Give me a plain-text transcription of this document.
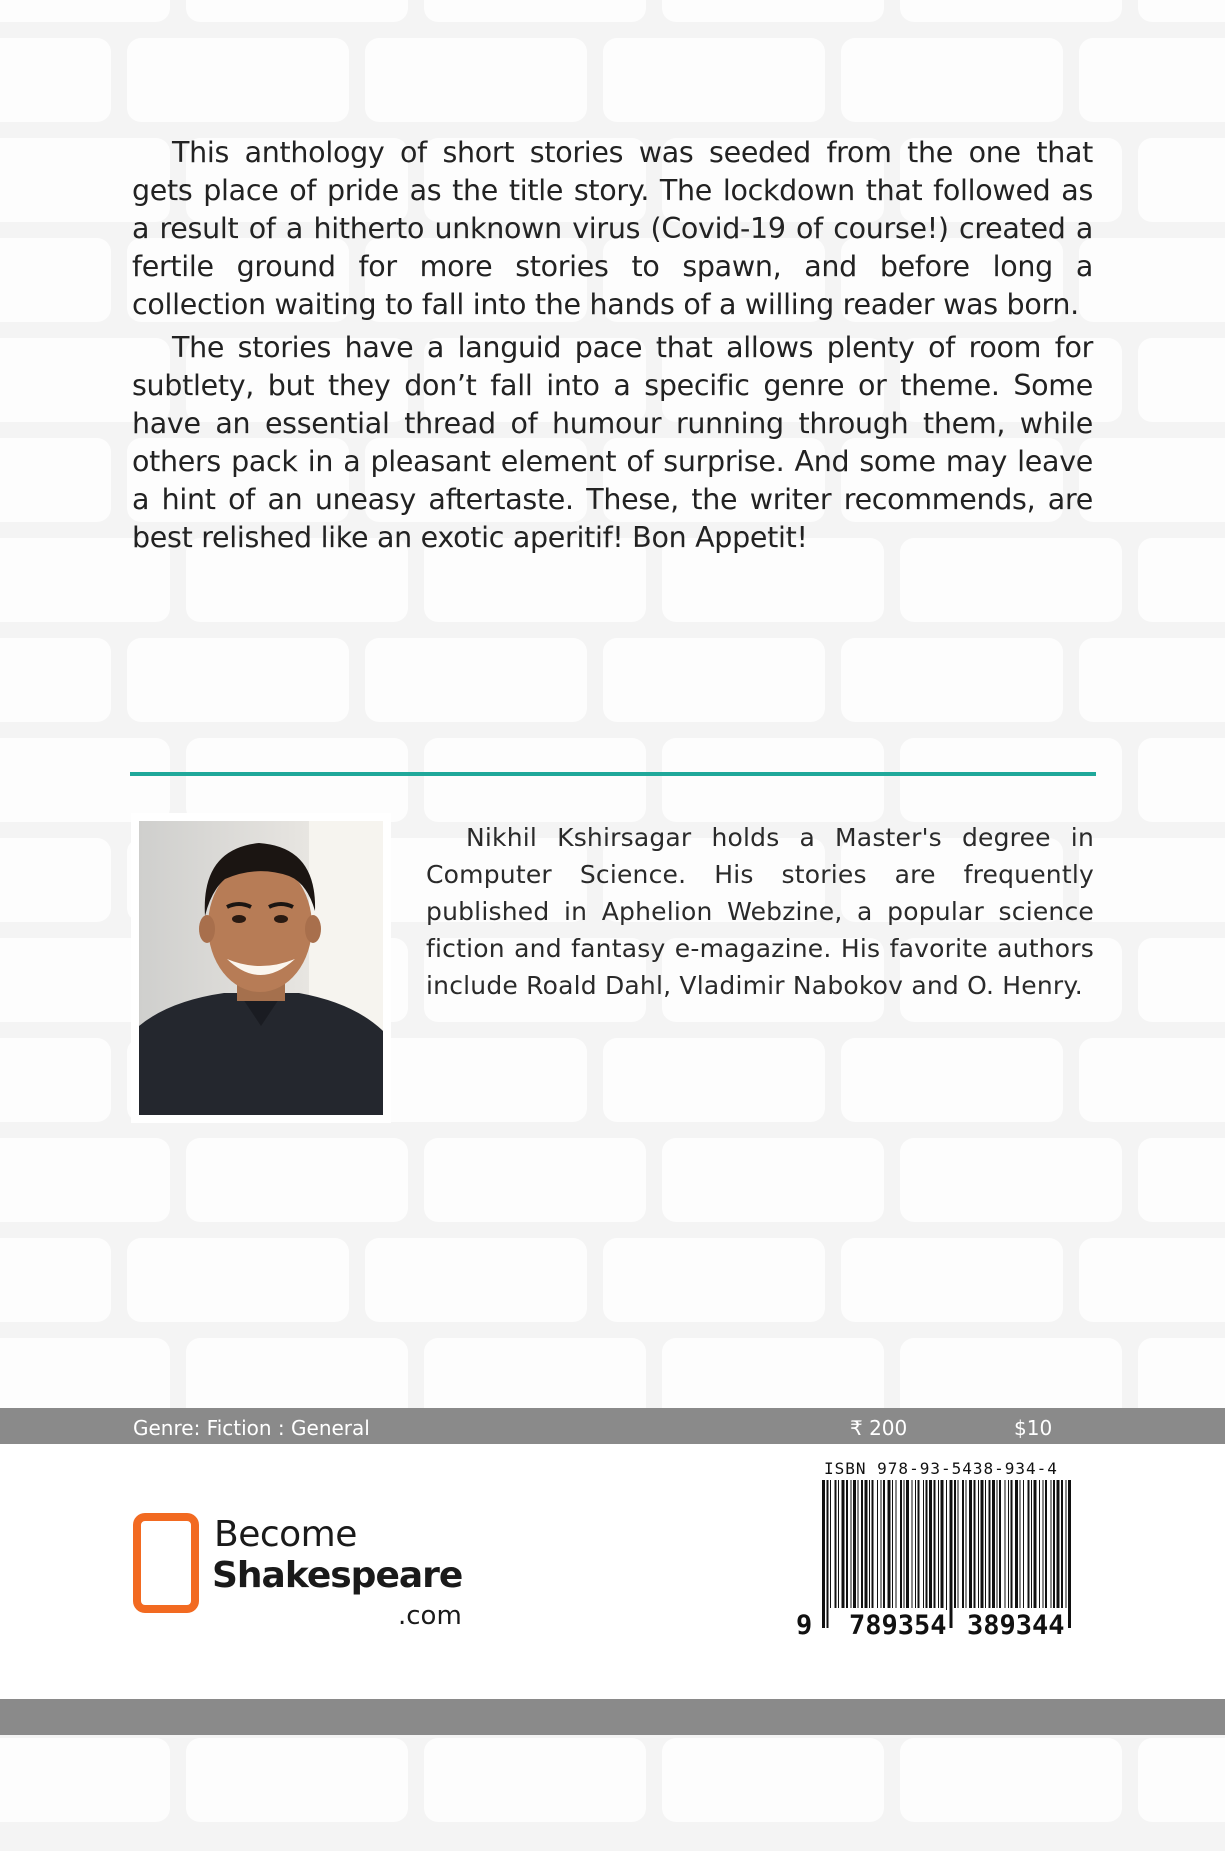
This anthology of short stories was seeded from the one that gets place of pride as the title story. The lockdown that followed as a result of a hitherto unknown virus (Covid-19 of course!) created a fertile ground for more stories to spawn, and before long a collection waiting to fall into the hands of a willing reader was born.

The stories have a languid pace that allows plenty of room for subtlety, but they don’t fall into a specific genre or theme. Some have an essential thread of humour running through them, while others pack in a pleasant element of surprise. And some may leave a hint of an uneasy aftertaste. These, the writer recommends, are best relished like an exotic aperitif! Bon Appetit!

Nikhil Kshirsagar holds a Master's degree in Computer Science. His stories are frequently published in Aphelion Webzine, a popular science fiction and fantasy e-magazine. His favorite authors include Roald Dahl, Vladimir Nabokov and O. Henry.

Genre: Fiction : General	₹ 200	$10
Become
Shakespeare
.com
ISBN 978-93-5438-934-4
9 789354 389344
